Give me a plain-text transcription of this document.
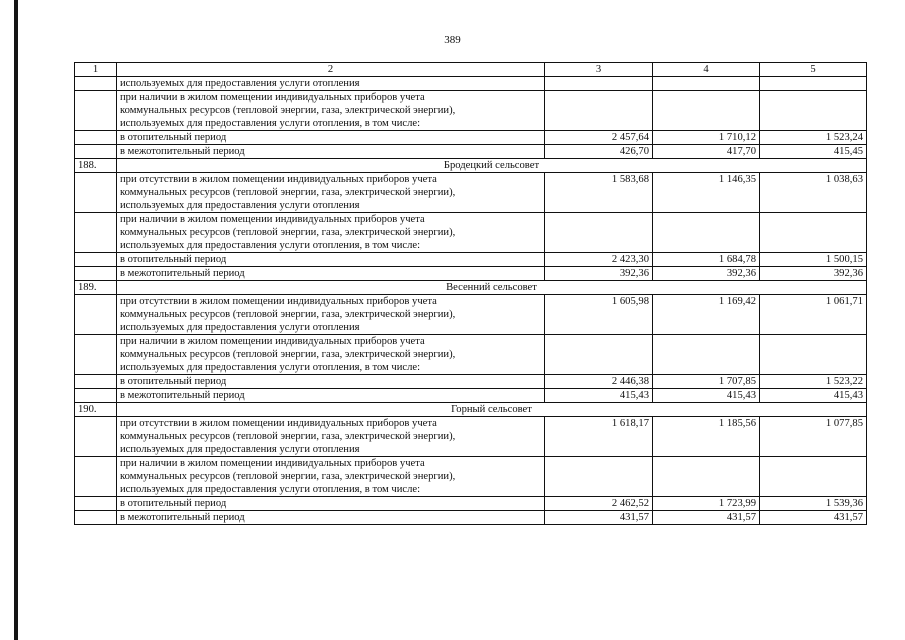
389
1	2	3	4	5

	используемых для предоставления услуги отопления			

	при наличии в жилом помещении индивидуальных приборов учета
коммунальных ресурсов (тепловой энергии, газа, электрической энергии),
используемых для предоставления услуги отопления, в том числе:			

	в отопительный период	2 457,64	1 710,12	1 523,24
	в межотопительный период	426,70	417,70	415,45
188.	Бродецкий сельсовет			

	при отсутствии в жилом помещении индивидуальных приборов учета
коммунальных ресурсов (тепловой энергии, газа, электрической энергии),
используемых для предоставления услуги отопления	1 583,68	1 146,35	1 038,63

	при наличии в жилом помещении индивидуальных приборов учета
коммунальных ресурсов (тепловой энергии, газа, электрической энергии),
используемых для предоставления услуги отопления, в том числе:			

	в отопительный период	2 423,30	1 684,78	1 500,15
	в межотопительный период	392,36	392,36	392,36
189.	Весенний сельсовет			

	при отсутствии в жилом помещении индивидуальных приборов учета
коммунальных ресурсов (тепловой энергии, газа, электрической энергии),
используемых для предоставления услуги отопления	1 605,98	1 169,42	1 061,71

	при наличии в жилом помещении индивидуальных приборов учета
коммунальных ресурсов (тепловой энергии, газа, электрической энергии),
используемых для предоставления услуги отопления, в том числе:			

	в отопительный период	2 446,38	1 707,85	1 523,22
	в межотопительный период	415,43	415,43	415,43
190.	Горный сельсовет			

	при отсутствии в жилом помещении индивидуальных приборов учета
коммунальных ресурсов (тепловой энергии, газа, электрической энергии),
используемых для предоставления услуги отопления	1 618,17	1 185,56	1 077,85

	при наличии в жилом помещении индивидуальных приборов учета
коммунальных ресурсов (тепловой энергии, газа, электрической энергии),
используемых для предоставления услуги отопления, в том числе:			

	в отопительный период	2 462,52	1 723,99	1 539,36
	в межотопительный период	431,57	431,57	431,57
